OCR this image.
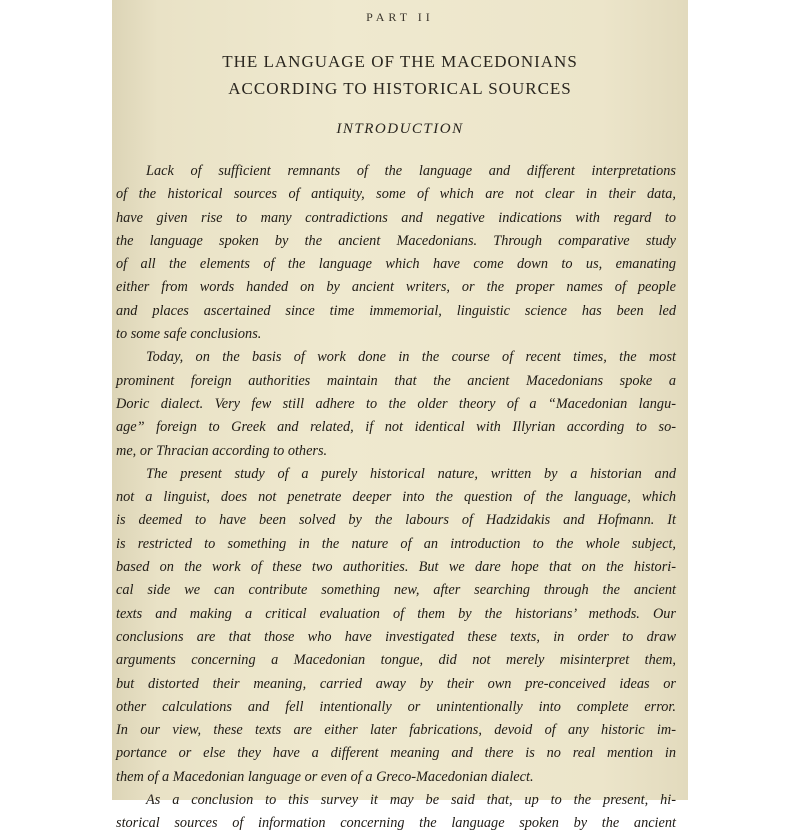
PART II
THE LANGUAGE OF THE MACEDONIANS
ACCORDING TO HISTORICAL SOURCES
INTRODUCTION
Lack of sufficient remnants of the language and different interpretations
of the historical sources of antiquity, some of which are not clear in their data,
have given rise to many contradictions and negative indications with regard to
the language spoken by the ancient Macedonians. Through comparative study
of all the elements of the language which have come down to us, emanating
either from words handed on by ancient writers, or the proper names of people
and places ascertained since time immemorial, linguistic science has been led
to some safe conclusions.
Today, on the basis of work done in the course of recent times, the most
prominent foreign authorities maintain that the ancient Macedonians spoke a
Doric dialect. Very few still adhere to the older theory of a “Macedonian langu-
age” foreign to Greek and related, if not identical with Illyrian according to so-
me, or Thracian according to others.
The present study of a purely historical nature, written by a historian and
not a linguist, does not penetrate deeper into the question of the language, which
is deemed to have been solved by the labours of Hadzidakis and Hofmann. It
is restricted to something in the nature of an introduction to the whole subject,
based on the work of these two authorities. But we dare hope that on the histori-
cal side we can contribute something new, after searching through the ancient
texts and making a critical evaluation of them by the historians’ methods. Our
conclusions are that those who have investigated these texts, in order to draw
arguments concerning a Macedonian tongue, did not merely misinterpret them,
but distorted their meaning, carried away by their own pre-conceived ideas or
other calculations and fell intentionally or unintentionally into complete error.
In our view, these texts are either later fabrications, devoid of any historic im-
portance or else they have a different meaning and there is no real mention in
them of a Macedonian language or even of a Greco-Macedonian dialect.
As a conclusion to this survey it may be said that, up to the present, hi-
storical sources of information concerning the language spoken by the ancient
